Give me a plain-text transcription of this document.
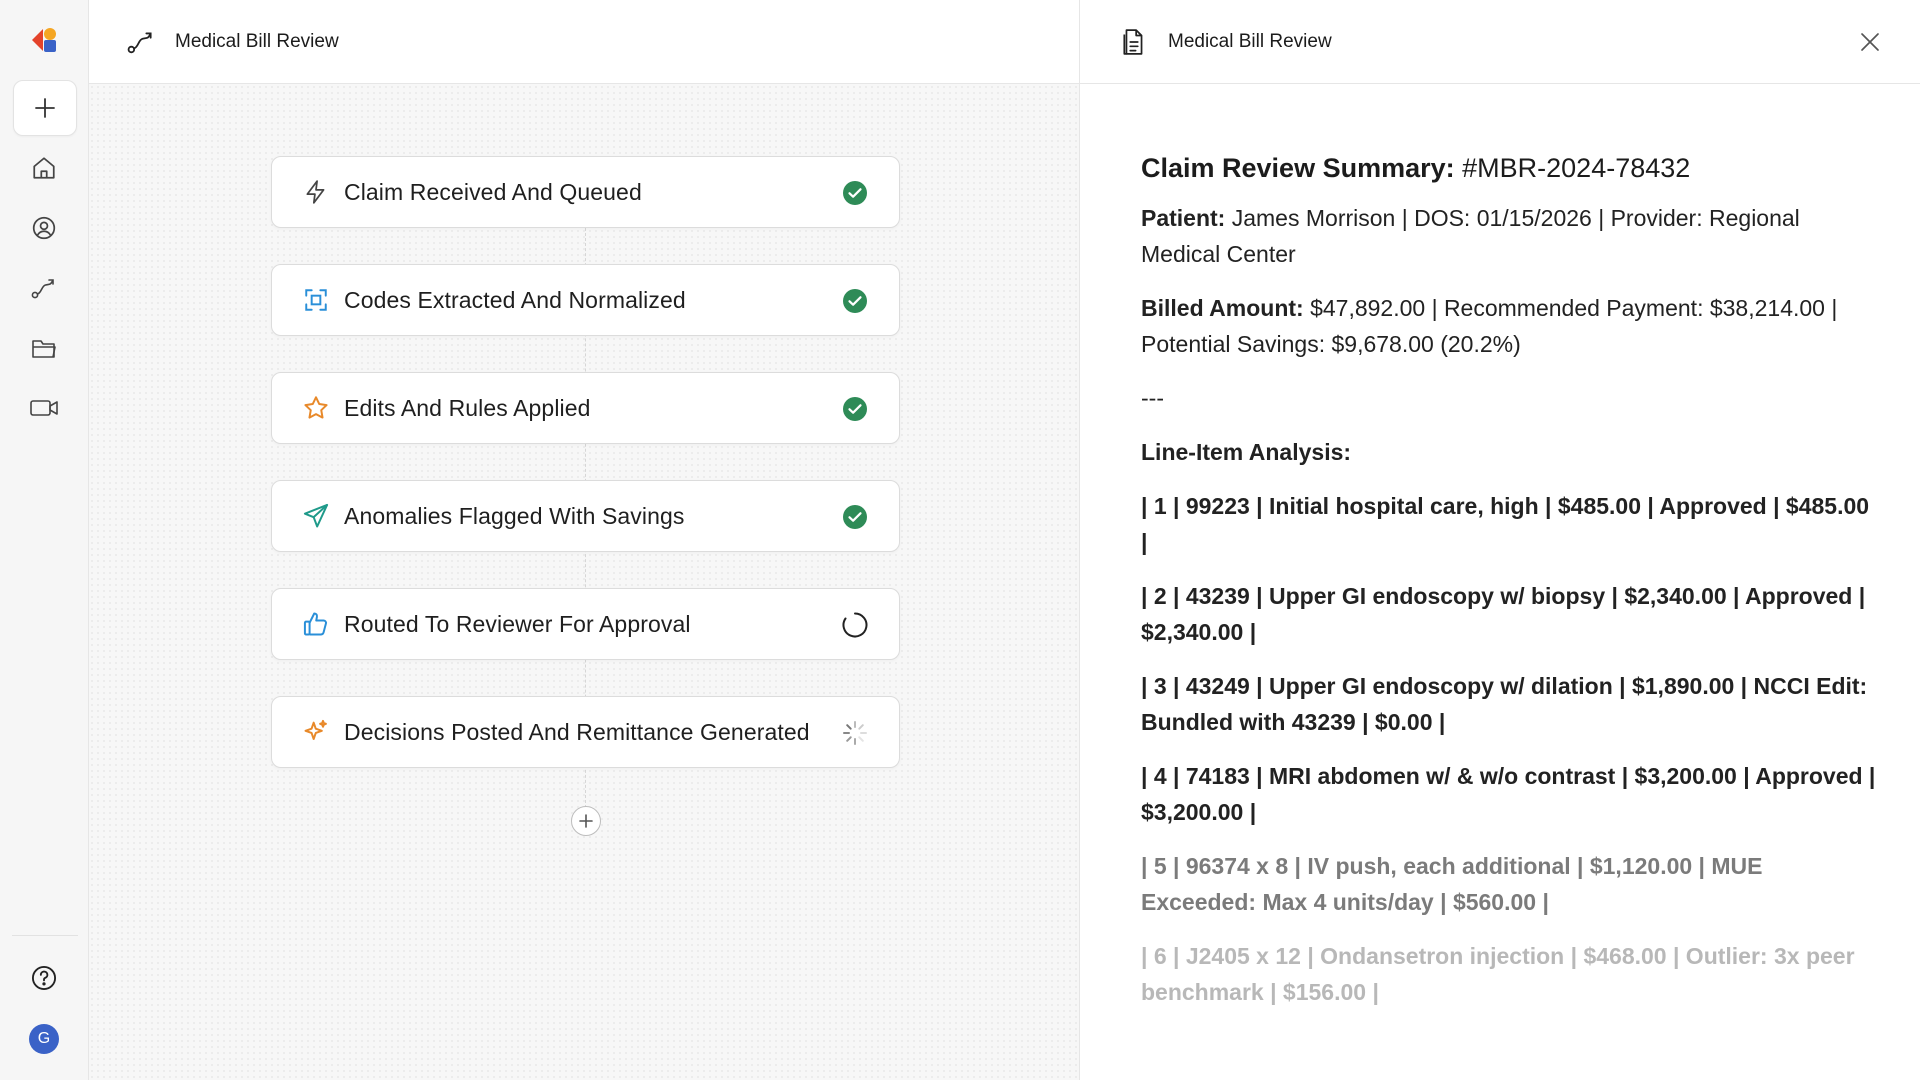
G
Medical Bill Review
Claim Received And Queued
Codes Extracted And Normalized
Edits And Rules Applied
Anomalies Flagged With Savings
Routed To Reviewer For Approval
Decisions Posted And Remittance Generated
Medical Bill Review
Claim Review Summary: #MBR-2024-78432

Patient: James Morrison | DOS: 01/15/2026 | Provider: Regional Medical Center

Billed Amount: $47,892.00 | Recommended Payment: $38,214.00 | Potential Savings: $9,678.00 (20.2%)

---

Line-Item Analysis:

| 1 | 99223 | Initial hospital care, high | $485.00 | Approved | $485.00 |
| 2 | 43239 | Upper GI endoscopy w/ biopsy | $2,340.00 | Approved | $2,340.00 |
| 3 | 43249 | Upper GI endoscopy w/ dilation | $1,890.00 | NCCI Edit: Bundled with 43239 | $0.00 |
| 4 | 74183 | MRI abdomen w/ & w/o contrast | $3,200.00 | Approved | $3,200.00 |
| 5 | 96374 x 8 | IV push, each additional | $1,120.00 | MUE Exceeded: Max 4 units/day | $560.00 |
| 6 | J2405 x 12 | Ondansetron injection | $468.00 | Outlier: 3x peer benchmark | $156.00 |
